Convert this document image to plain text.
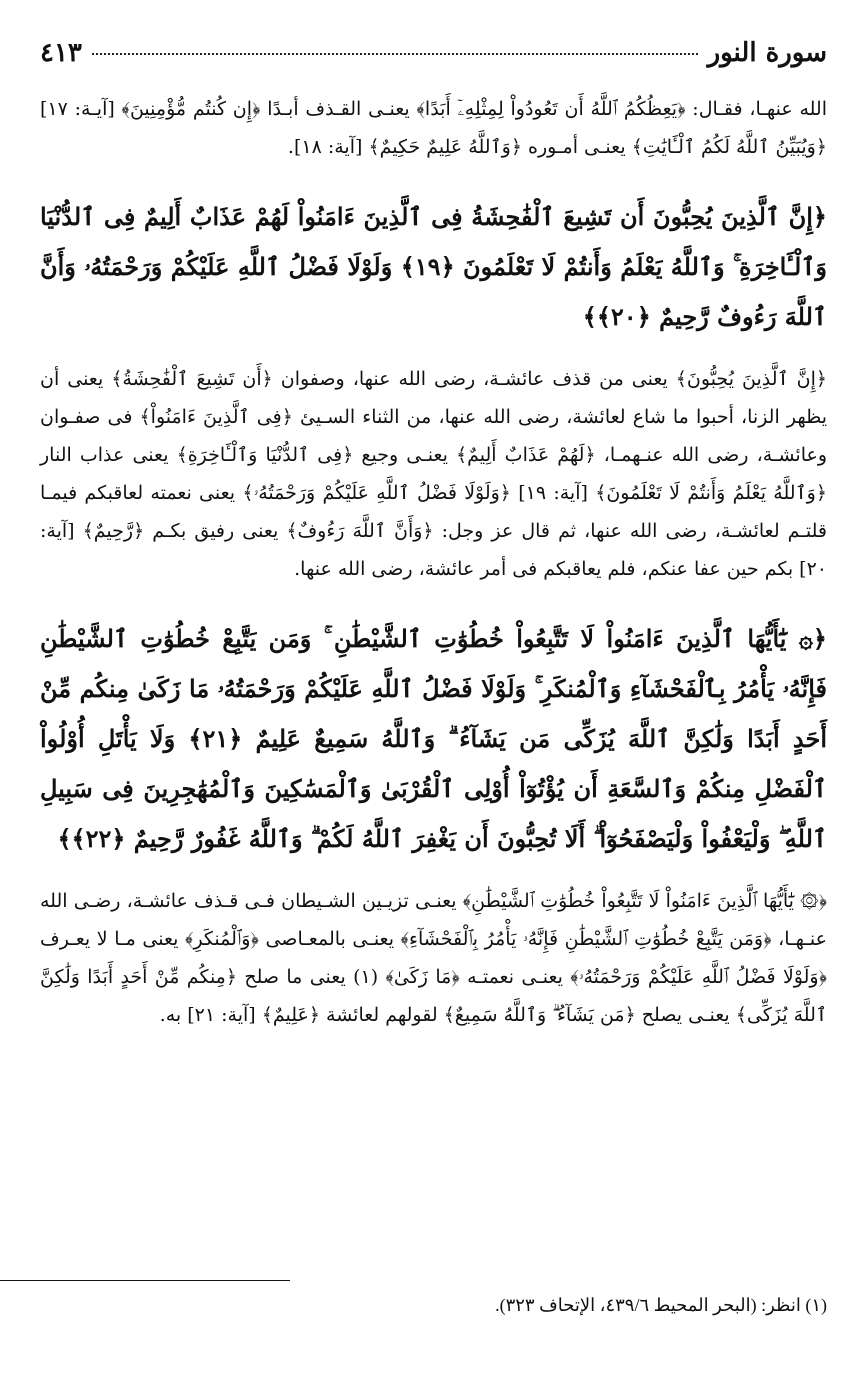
سورة النور
٤١٣

الله عنهـا، فقـال: ﴿يَعِظُكُمُ ٱللَّهُ أَن تَعُودُواْ لِمِثْلِهِۦٓ أَبَدًا﴾ يعنـى القـذف أبـدًا ﴿إِن كُنتُم مُّؤْمِنِينَ﴾ [آيـة: ١٧] ﴿وَيُبَيِّنُ ٱللَّهُ لَكُمُ ٱلْـَٔايَٰتِ﴾ يعنـى أمـوره ﴿وَٱللَّهُ عَلِيمٌ حَكِيمٌ﴾ [آية: ١٨].

﴿إِنَّ ٱلَّذِينَ يُحِبُّونَ أَن تَشِيعَ ٱلْفَٰحِشَةُ فِى ٱلَّذِينَ ءَامَنُواْ لَهُمْ عَذَابٌ أَلِيمٌ فِى ٱلدُّنْيَا وَٱلْـَٔاخِرَةِ ۚ وَٱللَّهُ يَعْلَمُ وَأَنتُمْ لَا تَعْلَمُونَ ﴿١٩﴾ وَلَوْلَا فَضْلُ ٱللَّهِ عَلَيْكُمْ وَرَحْمَتُهُۥ وَأَنَّ ٱللَّهَ رَءُوفٌ رَّحِيمٌ ﴿٢٠﴾﴾

﴿إِنَّ ٱلَّذِينَ يُحِبُّونَ﴾ يعنى من قذف عائشـة، رضى الله عنها، وصفوان ﴿أَن تَشِيعَ ٱلْفَٰحِشَةُ﴾ يعنى أن يظهر الزنا، أحبوا ما شاع لعائشة، رضى الله عنها، من الثناء السـيئ ﴿فِى ٱلَّذِينَ ءَامَنُواْ﴾ فى صفـوان وعائشـة، رضى الله عنـهمـا، ﴿لَهُمْ عَذَابٌ أَلِيمٌ﴾ يعنـى وجيع ﴿فِى ٱلدُّنْيَا وَٱلْـَٔاخِرَةِ﴾ يعنى عذاب النار ﴿وَٱللَّهُ يَعْلَمُ وَأَنتُمْ لَا تَعْلَمُونَ﴾ [آية: ١٩] ﴿وَلَوْلَا فَضْلُ ٱللَّهِ عَلَيْكُمْ وَرَحْمَتُهُۥ﴾ يعنى نعمته لعاقبكم فيمـا قلتـم لعائشـة، رضى الله عنها، ثم قال عز وجل: ﴿وَأَنَّ ٱللَّهَ رَءُوفٌ﴾ يعنى رفيق بكـم ﴿رَّحِيمٌ﴾ [آية: ٢٠] بكم حين عفا عنكم، فلم يعاقبكم فى أمر عائشة، رضى الله عنها.

﴿۞ يَٰٓأَيُّهَا ٱلَّذِينَ ءَامَنُواْ لَا تَتَّبِعُواْ خُطُوَٰتِ ٱلشَّيْطَٰنِ ۚ وَمَن يَتَّبِعْ خُطُوَٰتِ ٱلشَّيْطَٰنِ فَإِنَّهُۥ يَأْمُرُ بِٱلْفَحْشَآءِ وَٱلْمُنكَرِ ۚ وَلَوْلَا فَضْلُ ٱللَّهِ عَلَيْكُمْ وَرَحْمَتُهُۥ مَا زَكَىٰ مِنكُم مِّنْ أَحَدٍ أَبَدًا وَلَٰكِنَّ ٱللَّهَ يُزَكِّى مَن يَشَآءُ ۗ وَٱللَّهُ سَمِيعٌ عَلِيمٌ ﴿٢١﴾ وَلَا يَأْتَلِ أُوْلُواْ ٱلْفَضْلِ مِنكُمْ وَٱلسَّعَةِ أَن يُؤْتُوٓاْ أُوْلِى ٱلْقُرْبَىٰ وَٱلْمَسَٰكِينَ وَٱلْمُهَٰجِرِينَ فِى سَبِيلِ ٱللَّهِ ۖ وَلْيَعْفُواْ وَلْيَصْفَحُوٓاْ ۗ أَلَا تُحِبُّونَ أَن يَغْفِرَ ٱللَّهُ لَكُمْ ۗ وَٱللَّهُ غَفُورٌ رَّحِيمٌ ﴿٢٢﴾﴾

﴿۞ يَٰٓأَيُّهَا ٱلَّذِينَ ءَامَنُواْ لَا تَتَّبِعُواْ خُطُوَٰتِ ٱلشَّيْطَٰنِ﴾ يعنـى تزيـين الشـيطان فـى قـذف عائشـة، رضـى الله عنـهـا، ﴿وَمَن يَتَّبِعْ خُطُوَٰتِ ٱلشَّيْطَٰنِ فَإِنَّهُۥ يَأْمُرُ بِٱلْفَحْشَآءِ﴾ يعنـى بالمعـاصى ﴿وَٱلْمُنكَرِ﴾ يعنى مـا لا يعـرف ﴿وَلَوْلَا فَضْلُ ٱللَّهِ عَلَيْكُمْ وَرَحْمَتُهُۥ﴾ يعنـى نعمتـه ﴿مَا زَكَىٰ﴾ (١) يعنى ما صلح ﴿مِنكُم مِّنْ أَحَدٍ أَبَدًا وَلَٰكِنَّ ٱللَّهَ يُزَكِّى﴾ يعنـى يصلح ﴿مَن يَشَآءُ ۗ وَٱللَّهُ سَمِيعٌ﴾ لقولهم لعائشة ﴿عَلِيمٌ﴾ [آية: ٢١] به.

(١) انظر: (البحر المحيط ٤٣٩/٦، الإتحاف ٣٢٣).
